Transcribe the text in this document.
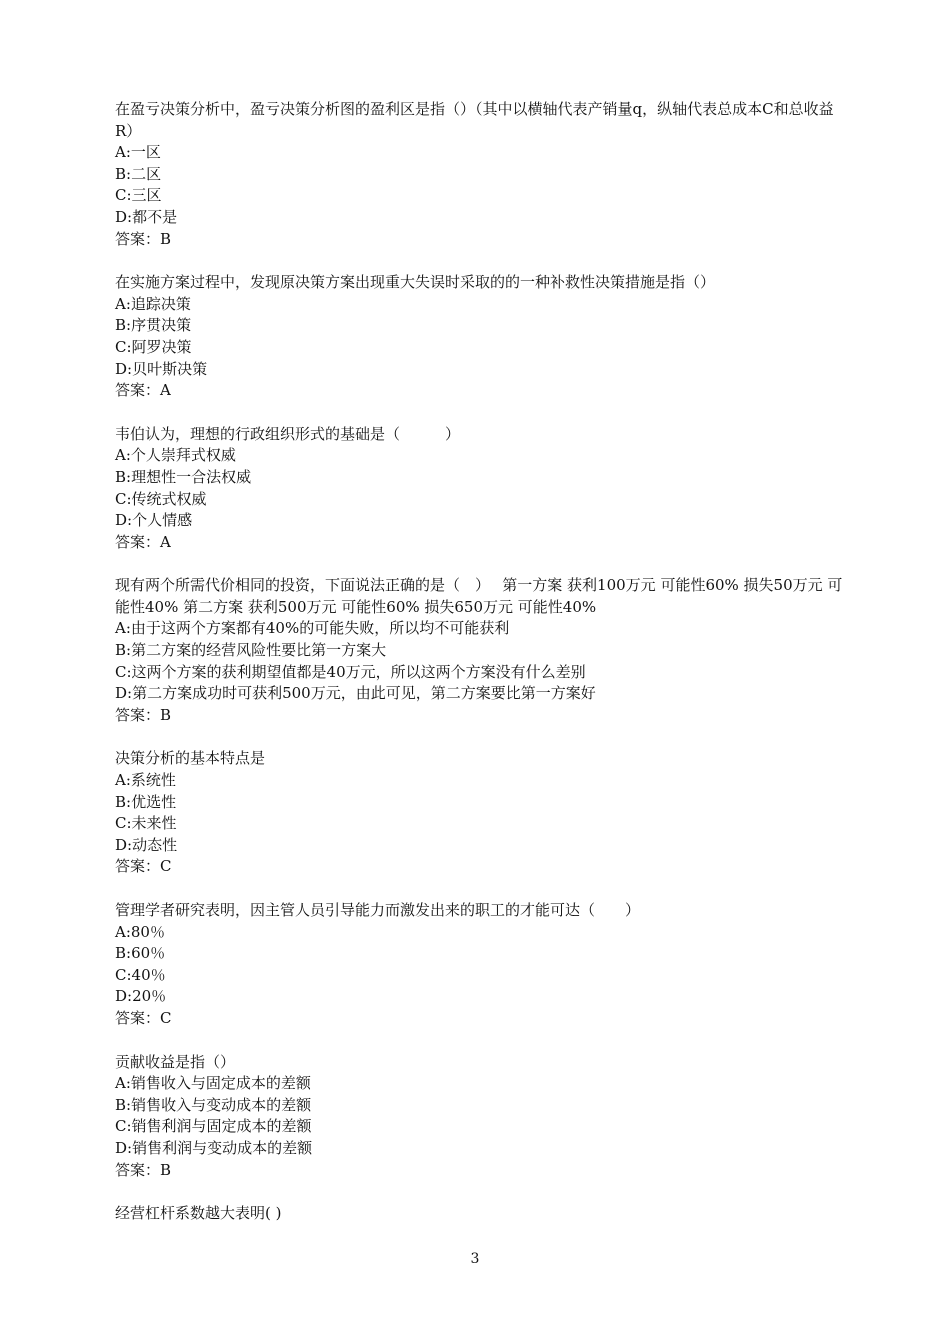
在盈亏决策分析中，盈亏决策分析图的盈利区是指（）（其中以横轴代表产销量q，纵轴代表总成本C和总收益R）
A:一区
B:二区
C:三区
D:都不是
答案：B
在实施方案过程中，发现原决策方案出现重大失误时采取的的一种补救性决策措施是指（）
A:追踪决策
B:序贯决策
C:阿罗决策
D:贝叶斯决策
答案：A
韦伯认为，理想的行政组织形式的基础是（　　　）
A:个人崇拜式权威
B:理想性一合法权威
C:传统式权威
D:个人情感
答案：A
现有两个所需代价相同的投资，下面说法正确的是（　）　 第一方案 获利100万元 可能性60% 损失50万元 可能性40% 第二方案 获利500万元 可能性60% 损失650万元 可能性40%
A:由于这两个方案都有40%的可能失败，所以均不可能获利
B:第二方案的经营风险性要比第一方案大
C:这两个方案的获利期望值都是40万元，所以这两个方案没有什么差别
D:第二方案成功时可获利500万元，由此可见，第二方案要比第一方案好
答案：B
决策分析的基本特点是
A:系统性
B:优选性
C:未来性
D:动态性
答案：C
管理学者研究表明，因主管人员引导能力而激发出来的职工的才能可达（　　）
A:80％
B:60％
C:40％
D:20％
答案：C
贡献收益是指（）
A:销售收入与固定成本的差额
B:销售收入与变动成本的差额
C:销售利润与固定成本的差额
D:销售利润与变动成本的差额
答案：B
经营杠杆系数越大表明( )
3
